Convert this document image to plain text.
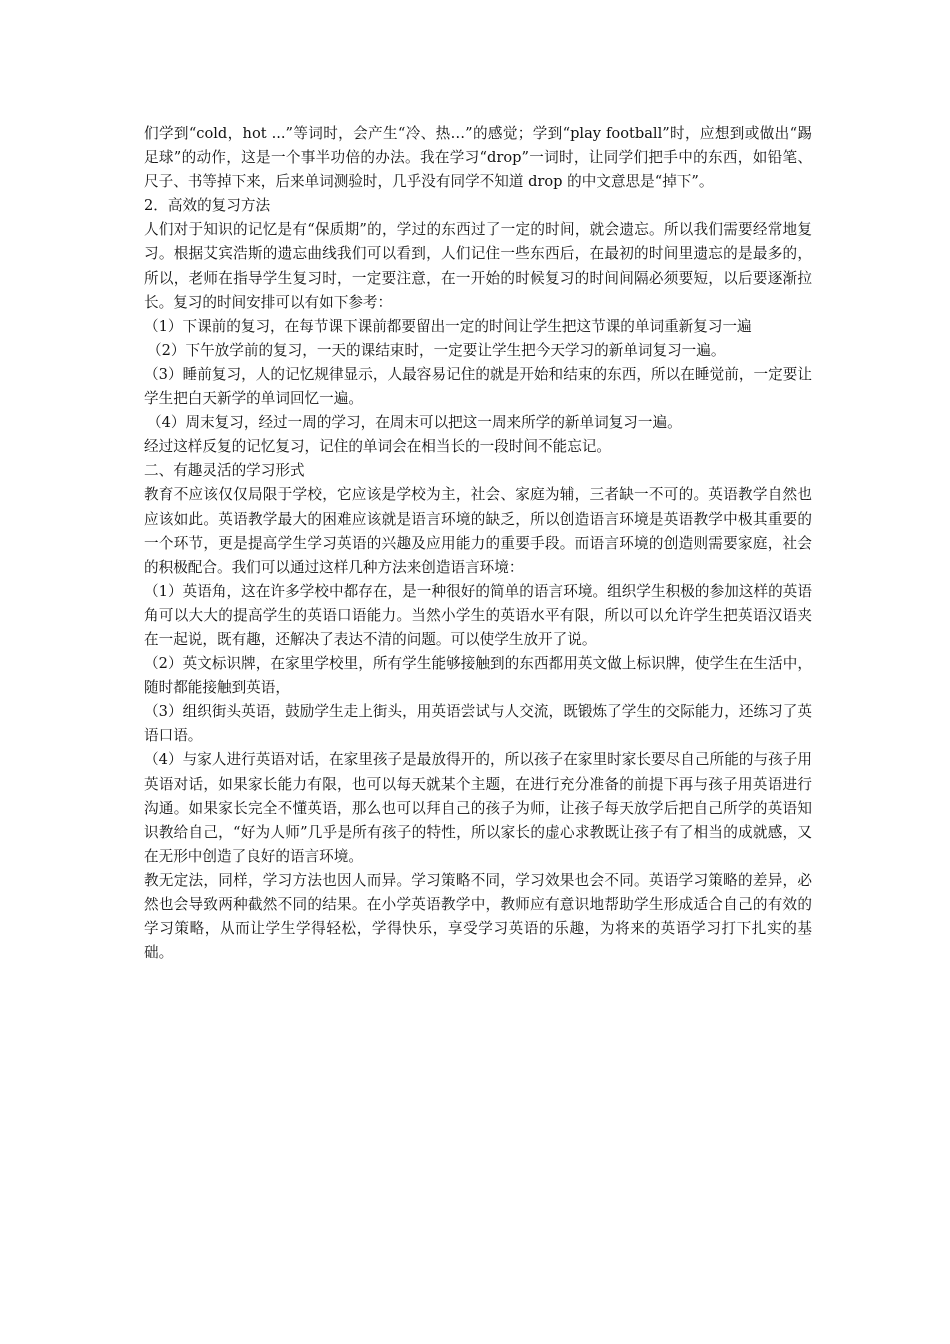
们学到“cold，hot ...”等词时，会产生“冷、热…”的感觉；学到“play football”时，应想到或做出“踢足球”的动作，这是一个事半功倍的办法。我在学习“drop”一词时，让同学们把手中的东西，如铅笔、尺子、书等掉下来，后来单词测验时，几乎没有同学不知道 drop 的中文意思是“掉下”。

2．高效的复习方法

人们对于知识的记忆是有“保质期”的，学过的东西过了一定的时间，就会遗忘。所以我们需要经常地复习。根据艾宾浩斯的遗忘曲线我们可以看到，人们记住一些东西后，在最初的时间里遗忘的是最多的，所以，老师在指导学生复习时，一定要注意，在一开始的时候复习的时间间隔必须要短，以后要逐渐拉长。复习的时间安排可以有如下参考：

（1）下课前的复习，在每节课下课前都要留出一定的时间让学生把这节课的单词重新复习一遍

（2）下午放学前的复习，一天的课结束时，一定要让学生把今天学习的新单词复习一遍。

（3）睡前复习，人的记忆规律显示，人最容易记住的就是开始和结束的东西，所以在睡觉前，一定要让学生把白天新学的单词回忆一遍。

（4）周末复习，经过一周的学习，在周末可以把这一周来所学的新单词复习一遍。

经过这样反复的记忆复习，记住的单词会在相当长的一段时间不能忘记。

二、有趣灵活的学习形式

教育不应该仅仅局限于学校，它应该是学校为主，社会、家庭为辅，三者缺一不可的。英语教学自然也应该如此。英语教学最大的困难应该就是语言环境的缺乏，所以创造语言环境是英语教学中极其重要的一个环节，更是提高学生学习英语的兴趣及应用能力的重要手段。而语言环境的创造则需要家庭，社会的积极配合。我们可以通过这样几种方法来创造语言环境：

（1）英语角，这在许多学校中都存在，是一种很好的简单的语言环境。组织学生积极的参加这样的英语角可以大大的提高学生的英语口语能力。当然小学生的英语水平有限，所以可以允许学生把英语汉语夹在一起说，既有趣，还解决了表达不清的问题。可以使学生放开了说。

（2）英文标识牌，在家里学校里，所有学生能够接触到的东西都用英文做上标识牌，使学生在生活中，随时都能接触到英语，

（3）组织街头英语，鼓励学生走上街头，用英语尝试与人交流，既锻炼了学生的交际能力，还练习了英语口语。

（4）与家人进行英语对话，在家里孩子是最放得开的，所以孩子在家里时家长要尽自己所能的与孩子用英语对话，如果家长能力有限，也可以每天就某个主题，在进行充分准备的前提下再与孩子用英语进行沟通。如果家长完全不懂英语，那么也可以拜自己的孩子为师，让孩子每天放学后把自己所学的英语知识教给自己，“好为人师”几乎是所有孩子的特性，所以家长的虚心求教既让孩子有了相当的成就感，又在无形中创造了良好的语言环境。

教无定法，同样，学习方法也因人而异。学习策略不同，学习效果也会不同。英语学习策略的差异，必然也会导致两种截然不同的结果。在小学英语教学中，教师应有意识地帮助学生形成适合自己的有效的学习策略，从而让学生学得轻松，学得快乐，享受学习英语的乐趣，为将来的英语学习打下扎实的基础。
